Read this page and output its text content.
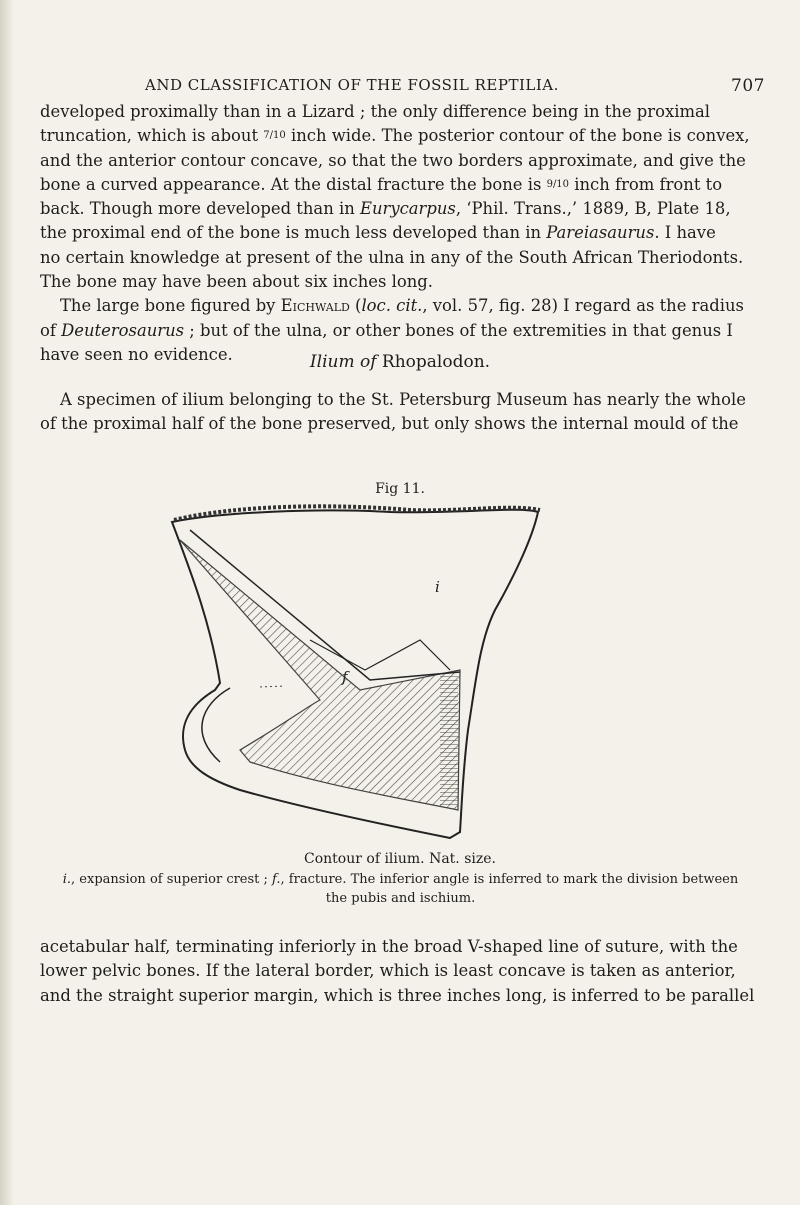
AND CLASSIFICATION OF THE FOSSIL REPTILIA.	707

developed proximally than in a Lizard ; the only difference being in the proximal

truncation, which is about 7/10 inch wide. The posterior contour of the bone is convex,

and the anterior contour concave, so that the two borders approximate, and give the

bone a curved appearance. At the distal fracture the bone is 9/10 inch from front to

back. Though more developed than in Eurycarpus, ‘Phil. Trans.,’ 1889, B, Plate 18,

the proximal end of the bone is much less developed than in Pareiasaurus. I have

no certain knowledge at present of the ulna in any of the South African Theriodonts.

The bone may have been about six inches long.

The large bone figured by Eichwald (loc. cit., vol. 57, fig. 28) I regard as the radius

of Deuterosaurus ; but of the ulna, or other bones of the extremities in that genus I

have seen no evidence.	Ilium of Rhopalodon.

A specimen of ilium belonging to the St. Petersburg Museum has nearly the whole

of the proximal half of the bone preserved, but only shows the internal mould of the

Fig 11.
i
f
Contour of ilium. Nat. size.
i., expansion of superior crest ; f., fracture. The inferior angle is inferred to mark the division between
the pubis and ischium.

acetabular half, terminating inferiorly in the broad V-shaped line of suture, with the

lower pelvic bones. If the lateral border, which is least concave is taken as anterior,

and the straight superior margin, which is three inches long, is inferred to be parallel
